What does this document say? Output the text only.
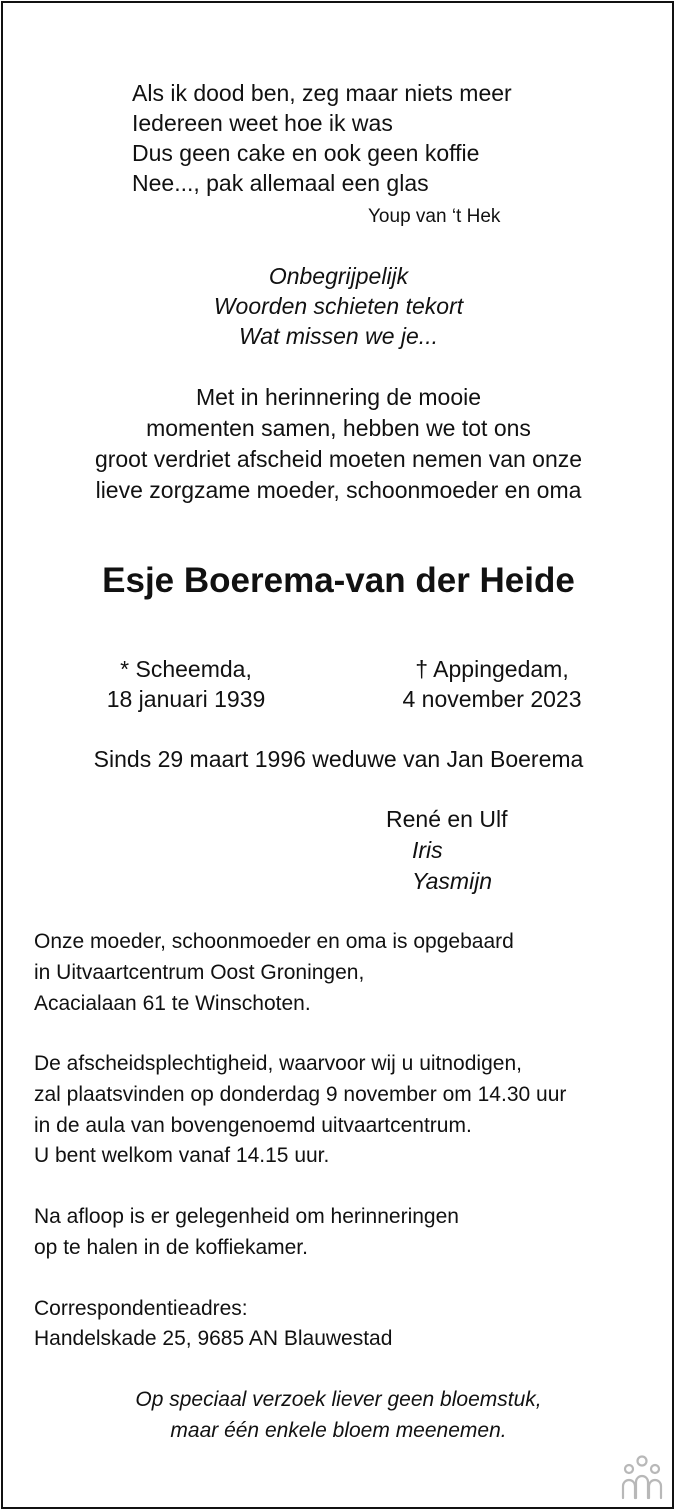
Als ik dood ben, zeg maar niets meer
Iedereen weet hoe ik was
Dus geen cake en ook geen koffie
Nee..., pak allemaal een glas
Youp van ‘t Hek
Onbegrijpelijk
Woorden schieten tekort
Wat missen we je...
Met in herinnering de mooie
momenten samen, hebben we tot ons
groot verdriet afscheid moeten nemen van onze
lieve zorgzame moeder, schoonmoeder en oma
Esje Boerema-van der Heide
* Scheemda,
18 januari 1939
† Appingedam,
4 november 2023
Sinds 29 maart 1996 weduwe van Jan Boerema
René en Ulf
Iris
Yasmijn
Onze moeder, schoonmoeder en oma is opgebaard
in Uitvaartcentrum Oost Groningen,
Acacialaan 61 te Winschoten.
De afscheidsplechtigheid, waarvoor wij u uitnodigen,
zal plaatsvinden op donderdag 9 november om 14.30 uur
in de aula van bovengenoemd uitvaartcentrum.
U bent welkom vanaf 14.15 uur.
Na afloop is er gelegenheid om herinneringen
op te halen in de koffiekamer.
Correspondentieadres:
Handelskade 25, 9685 AN Blauwestad
Op speciaal verzoek liever geen bloemstuk,
maar één enkele bloem meenemen.
